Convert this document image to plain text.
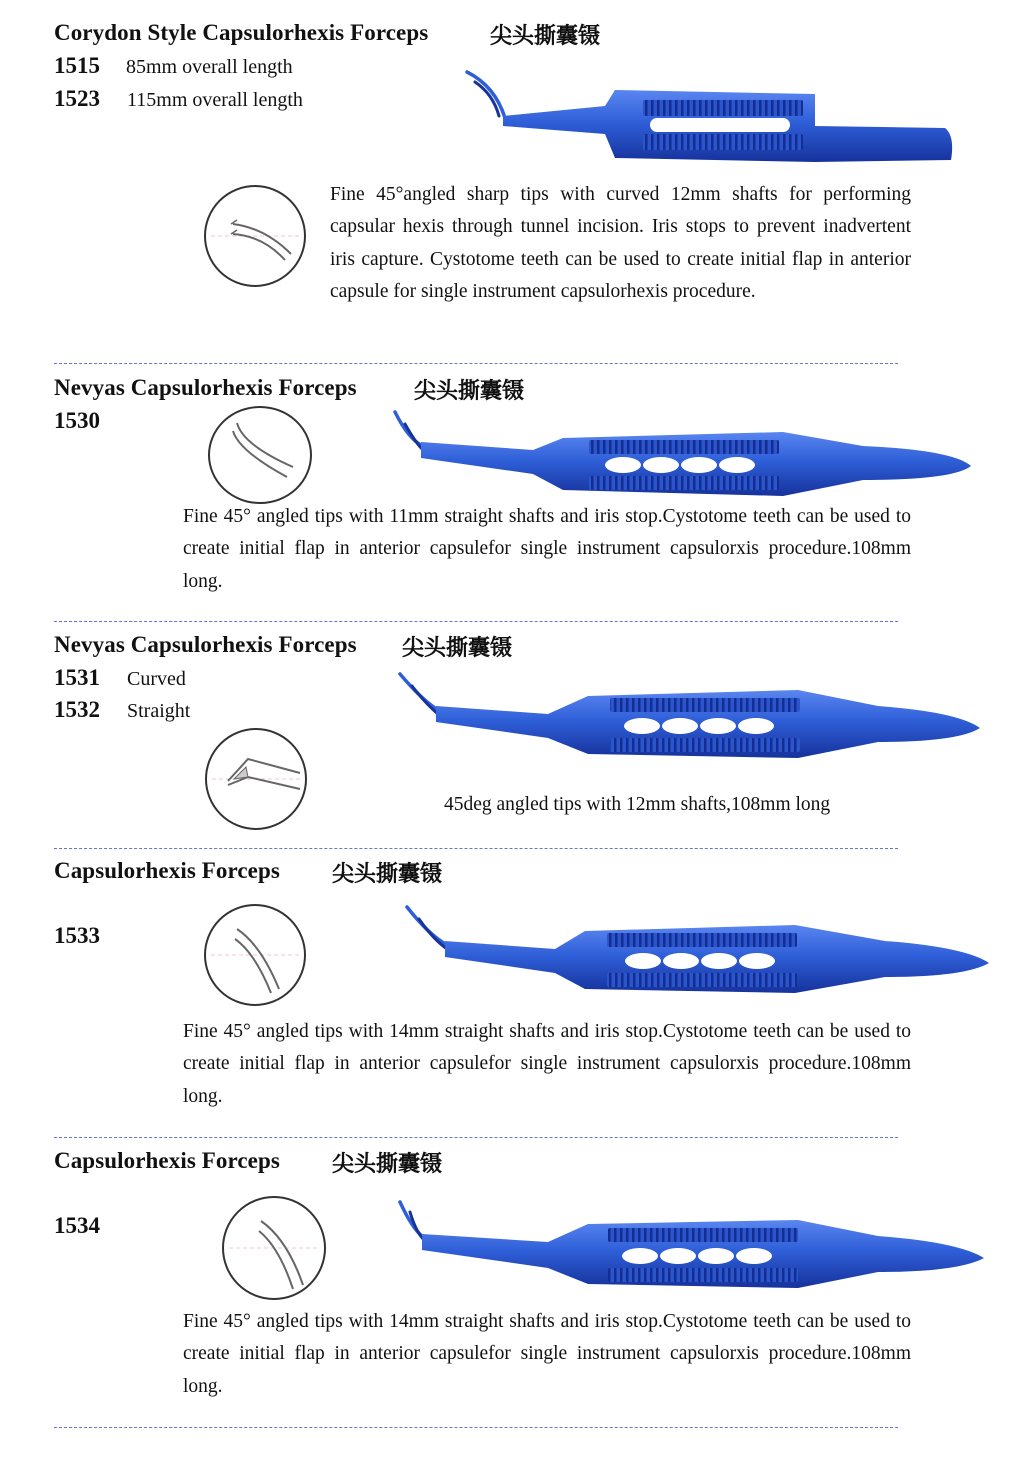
Corydon Style Capsulorhexis Forceps	尖头撕囊镊
1515 85mm overall length
1523 115mm overall length
Fine 45°angled sharp tips with curved 12mm shafts for performing capsular hexis through tunnel incision. Iris stops to prevent inadvertent iris capture. Cystotome teeth can be used to create initial flap in anterior capsule for single instrument capsulorhexis procedure.
Nevyas Capsulorhexis Forceps	尖头撕囊镊
1530
Fine 45° angled tips with 11mm straight shafts and iris stop.Cystotome teeth can be used to create initial flap in anterior capsulefor single instrument capsulorxis procedure.108mm long.
Nevyas Capsulorhexis Forceps 尖头撕囊镊
1531 Curved
1532 Straight
45deg angled tips with 12mm shafts,108mm long
Capsulorhexis Forceps 尖头撕囊镊
1533
Fine 45° angled tips with 14mm straight shafts and iris stop.Cystotome teeth can be used to create initial flap in anterior capsulefor single instrument capsulorxis procedure.108mm long.
Capsulorhexis Forceps 尖头撕囊镊
1534
Fine 45° angled tips with 14mm straight shafts and iris stop.Cystotome teeth can be used to create initial flap in anterior capsulefor single instrument capsulorxis procedure.108mm long.
